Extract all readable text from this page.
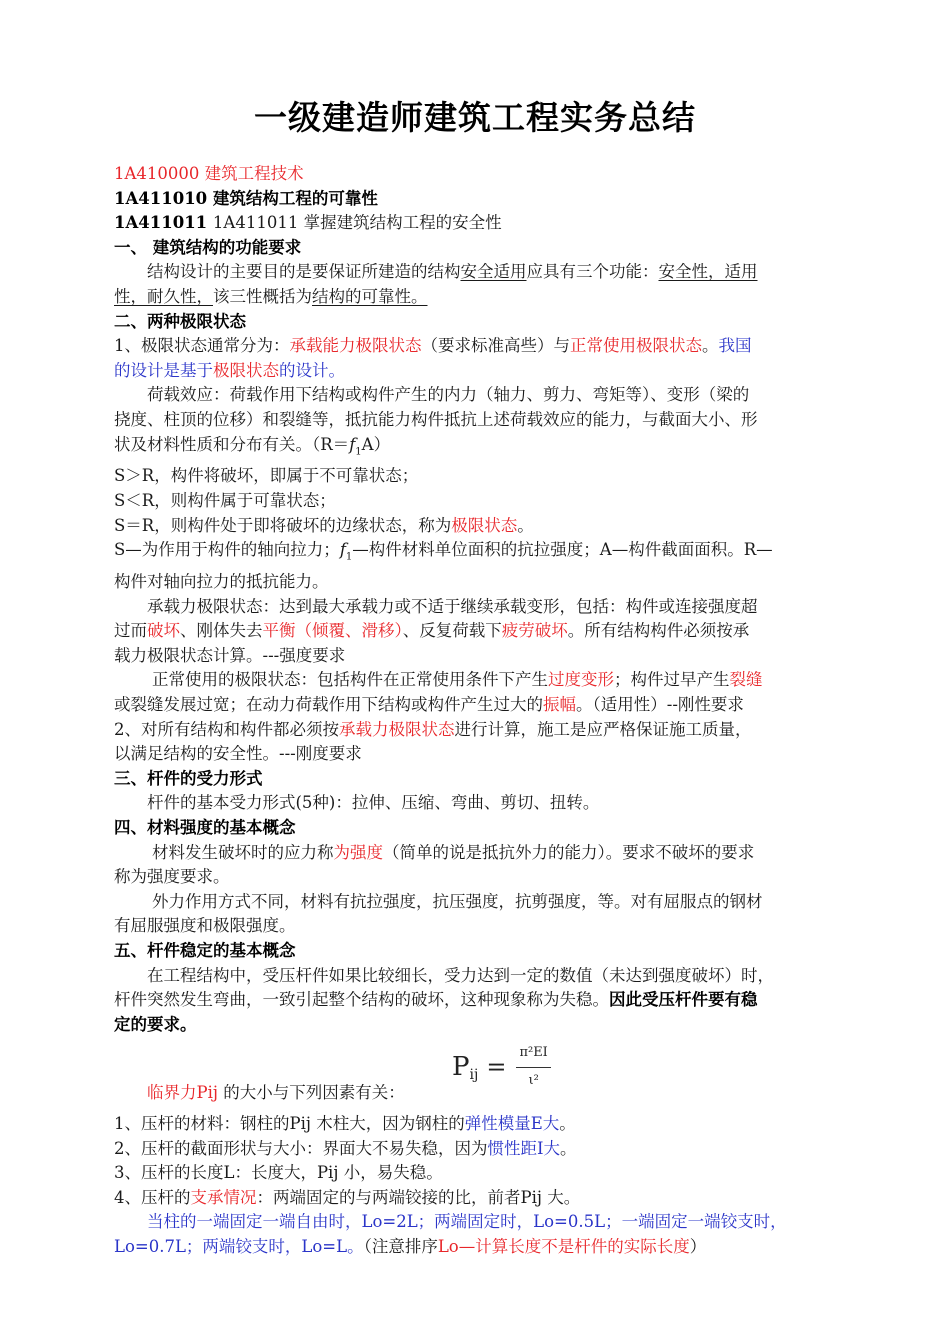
一级建造师建筑工程实务总结
1A410000 建筑工程技术
1A411010 建筑结构工程的可靠性
1A411011 1A411011 掌握建筑结构工程的安全性
一、 建筑结构的功能要求
结构设计的主要目的是要保证所建造的结构安全适用应具有三个功能：安全性，适用
性，耐久性，该三性概括为结构的可靠性。
二、两种极限状态
1、极限状态通常分为：承载能力极限状态（要求标准高些）与正常使用极限状态。我国
的设计是基于极限状态的设计。
荷载效应：荷载作用下结构或构件产生的内力（轴力、剪力、弯矩等）、变形（梁的
挠度、柱顶的位移）和裂缝等，抵抗能力构件抵抗上述荷载效应的能力，与截面大小、形
状及材料性质和分布有关。$(R=f_1A)$
S＞R，构件将破坏，即属于不可靠状态；
S＜R，则构件属于可靠状态；
S＝R，则构件处于即将破坏的边缘状态，称为极限状态。
S—为作用于构件的轴向拉力；$f_1—$构件材料单位面积的抗拉强度；A—构件截面面积。R—
构件对轴向拉力的抵抗能力。
承载力极限状态：达到最大承载力或不适于继续承载变形，包括：构件或连接强度超
过而破坏、刚体失去平衡（倾覆、滑移）、反复荷载下疲劳破坏。所有结构构件必须按承
载力极限状态计算。---强度要求
正常使用的极限状态：包括构件在正常使用条件下产生过度变形；构件过早产生裂缝
或裂缝发展过宽；在动力荷载作用下结构或构件产生过大的振幅。（适用性）--刚性要求
2、对所有结构和构件都必须按承载力极限状态进行计算，施工是应严格保证施工质量，
以满足结构的安全性。---刚度要求
三、杆件的受力形式
杆件的基本受力形式(5种)：拉伸、压缩、弯曲、剪切、扭转。
四、材料强度的基本概念
材料发生破坏时的应力称为强度（简单的说是抵抗外力的能力）。要求不破坏的要求
称为强度要求。
外力作用方式不同，材料有抗拉强度，抗压强度，抗剪强度，等。对有屈服点的钢材
有屈服强度和极限强度。
五、杆件稳定的基本概念
在工程结构中，受压杆件如果比较细长，受力达到一定的数值（未达到强度破坏）时，
杆件突然发生弯曲，一致引起整个结构的破坏，这种现象称为失稳。因此受压杆件要有稳
定的要求。
P ij = $\frac{\text{π²EI}}{\text{ι²}}$
临界力Pij 的大小与下列因素有关：
1、压杆的材料：钢柱的Pij 木柱大，因为钢柱的弹性模量E大。
2、压杆的截面形状与大小：界面大不易失稳，因为惯性距I大。
3、压杆的长度L：长度大，Pij 小，易失稳。
4、压杆的支承情况：两端固定的与两端铰接的比，前者Pij 大。
当柱的一端固定一端自由时，Lo=2L；两端固定时，Lo=0.5L；一端固定一端铰支时，
Lo=0.7L；两端铰支时，Lo=L。（注意排序Lo—计算长度不是杆件的实际长度）
